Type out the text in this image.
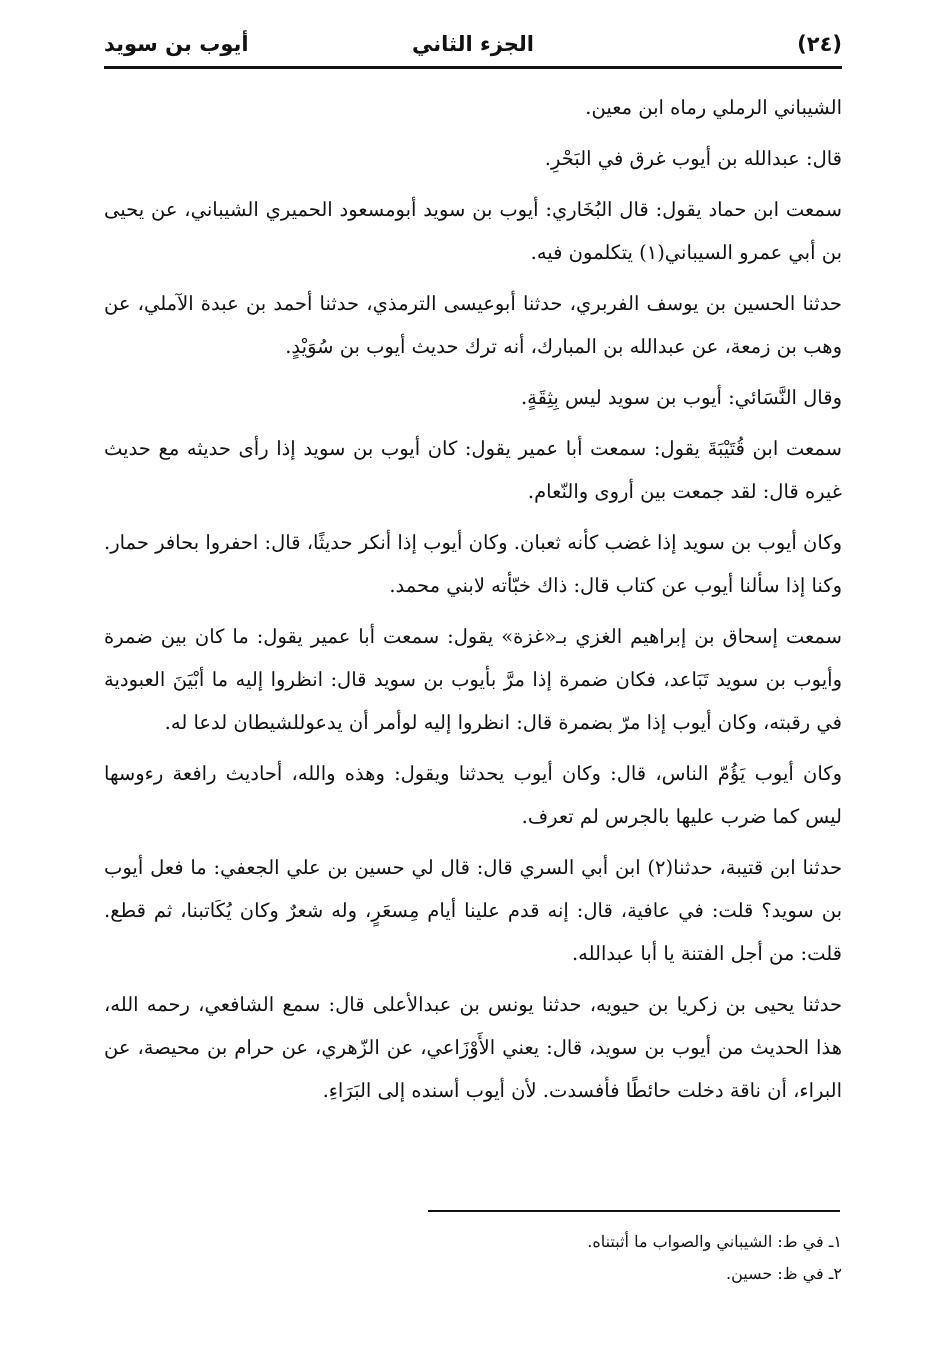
(٢٤)
الجزء الثاني
أيوب بن سويد

الشيباني الرملي رماه ابن معين.

قال: عبدالله بن أيوب غرق في البَحْرِ.

سمعت ابن حماد يقول: قال البُخَاري: أيوب بن سويد أبومسعود الحميري الشيباني، عن يحيى بن أبي عمرو السيباني(١) يتكلمون فيه.

حدثنا الحسين بن يوسف الفربري، حدثنا أبوعيسى الترمذي، حدثنا أحمد بن عبدة الآملي، عن وهب بن زمعة، عن عبدالله بن المبارك، أنه ترك حديث أيوب بن سُوَيْدٍ.

وقال النَّسَائي: أيوب بن سويد ليس بِثِقَةٍ.

سمعت ابن قُتَيْبَةَ يقول: سمعت أبا عمير يقول: كان أيوب بن سويد إذا رأى حديثه مع حديث غيره قال: لقد جمعت بين أروى والنّعام.

وكان أيوب بن سويد إذا غضب كأنه ثعبان. وكان أيوب إذا أنكر حديثًا، قال: احفروا بحافر حمار. وكنا إذا سألنا أيوب عن كتاب قال: ذاك خبّأته لابني محمد.

سمعت إسحاق بن إبراهيم الغزي بـ«غزة» يقول: سمعت أبا عمير يقول: ما كان بين ضمرة وأيوب بن سويد تَبَاعد، فكان ضمرة إذا مرَّ بأيوب بن سويد قال: انظروا إليه ما أبْيَنَ العبودية في رقبته، وكان أيوب إذا مرّ بضمرة قال: انظروا إليه لوأمر أن يدعوللشيطان لدعا له.

وكان أيوب يَؤُمّ الناس، قال: وكان أيوب يحدثنا ويقول: وهذه والله، أحاديث رافعة رءوسها ليس كما ضرب عليها بالجرس لم تعرف.

حدثنا ابن قتيبة، حدثنا(٢) ابن أبي السري قال: قال لي حسين بن علي الجعفي: ما فعل أيوب بن سويد؟ قلت: في عافية، قال: إنه قدم علينا أيام مِسعَرٍ، وله شعرٌ وكان يُكَاتبنا، ثم قطع. قلت: من أجل الفتنة يا أبا عبدالله.

حدثنا يحيى بن زكريا بن حيويه، حدثنا يونس بن عبدالأعلى قال: سمع الشافعي، رحمه الله، هذا الحديث من أيوب بن سويد، قال: يعني الأَوْزَاعي، عن الزّهري، عن حرام بن محيصة، عن البراء، أن ناقة دخلت حائطًا فأفسدت. لأن أيوب أسنده إلى البَرَاءِ.

١ـ في ط: الشيباني والصواب ما أثبتناه.
٢ـ في ظ: حسين.
